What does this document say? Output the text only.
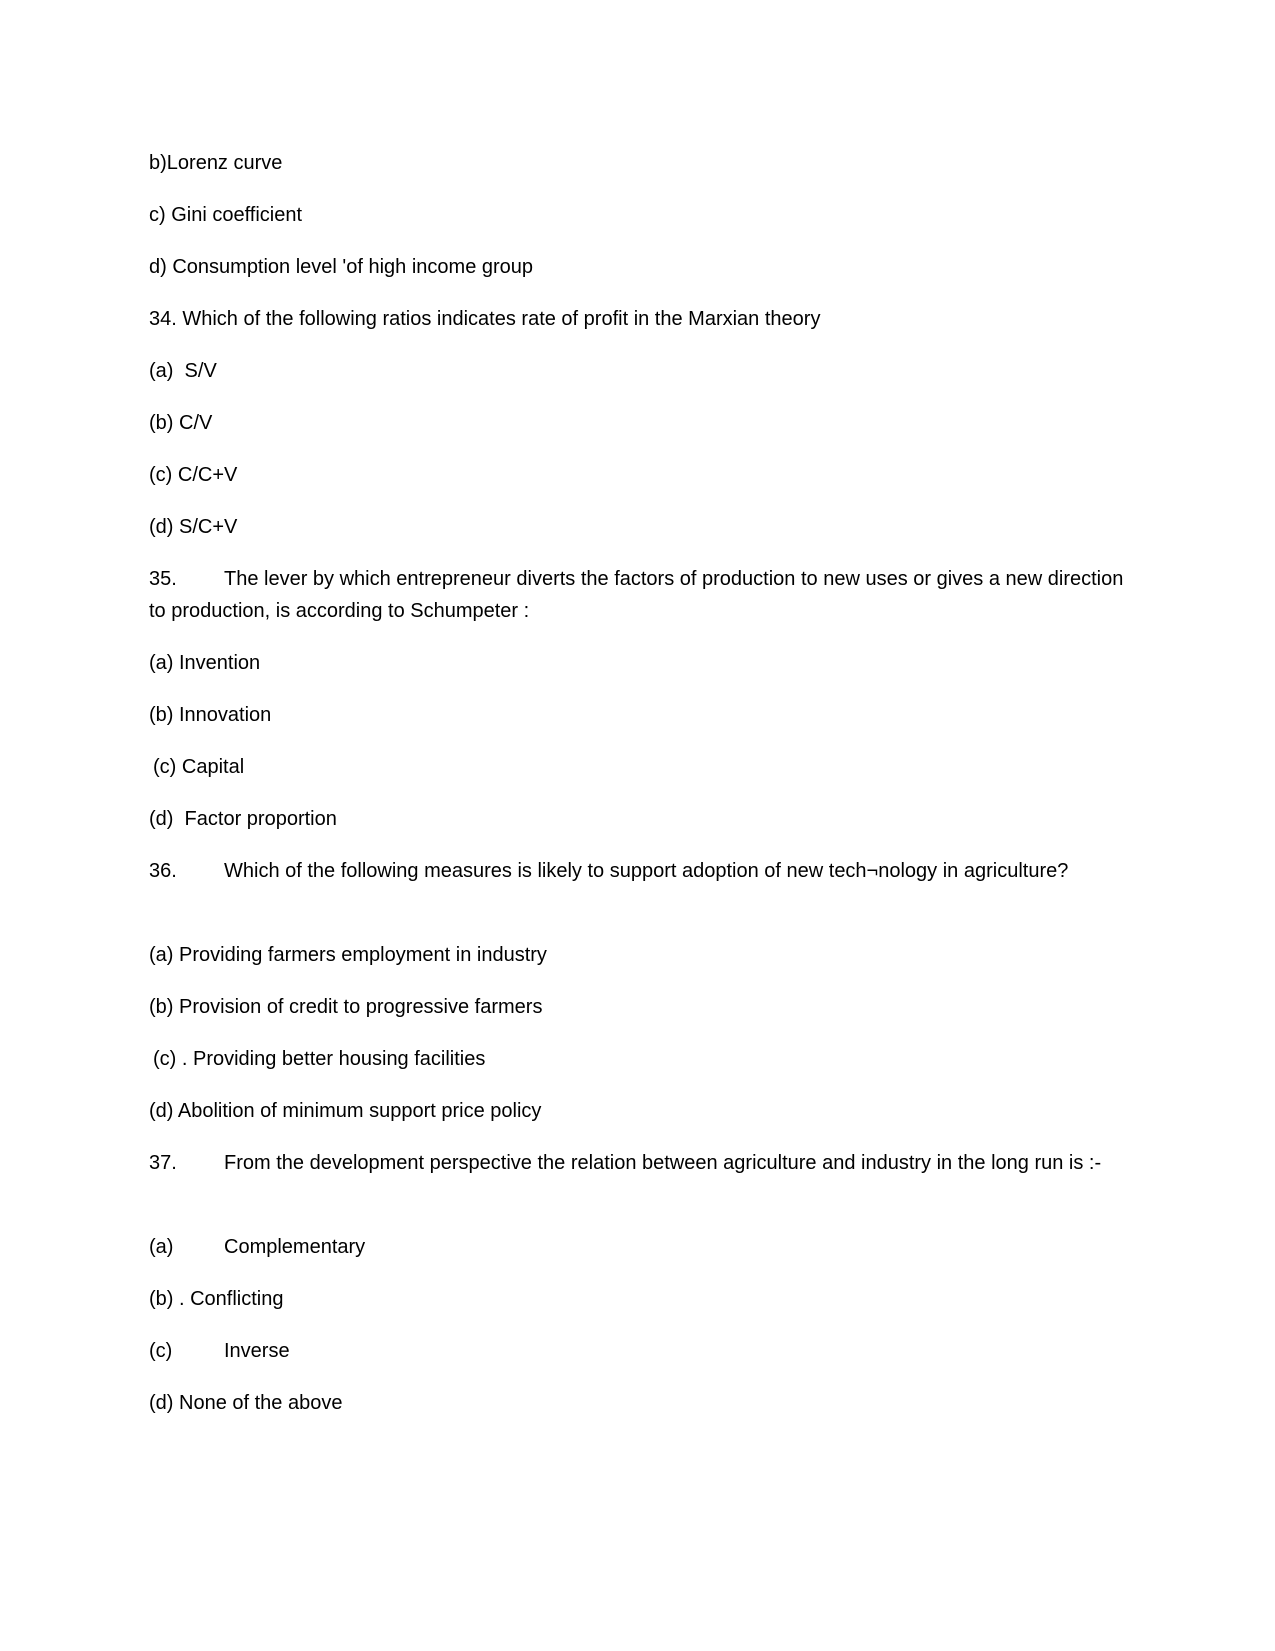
b)Lorenz curve
c) Gini coefficient
d) Consumption level 'of high income group
34. Which of the following ratios indicates rate of profit in the Marxian theory
(a)  S/V
(b) C/V
(c) C/C+V
(d) S/C+V
35. The lever by which entrepreneur diverts the factors of production to new uses or gives a new direction to production, is according to Schumpeter :
(a) Invention
(b) Innovation
(c) Capital
(d)  Factor proportion
36. Which of the following measures is likely to support adoption of new tech¬nology in agriculture?
(a) Providing farmers employment in industry
(b) Provision of credit to progressive farmers
(c) . Providing better housing facilities
(d) Abolition of minimum support price policy
37. From the development perspective the relation between agriculture and industry in the long run is :-
(a)	Complementary
(b) . Conflicting
(c)	Inverse
(d) None of the above
